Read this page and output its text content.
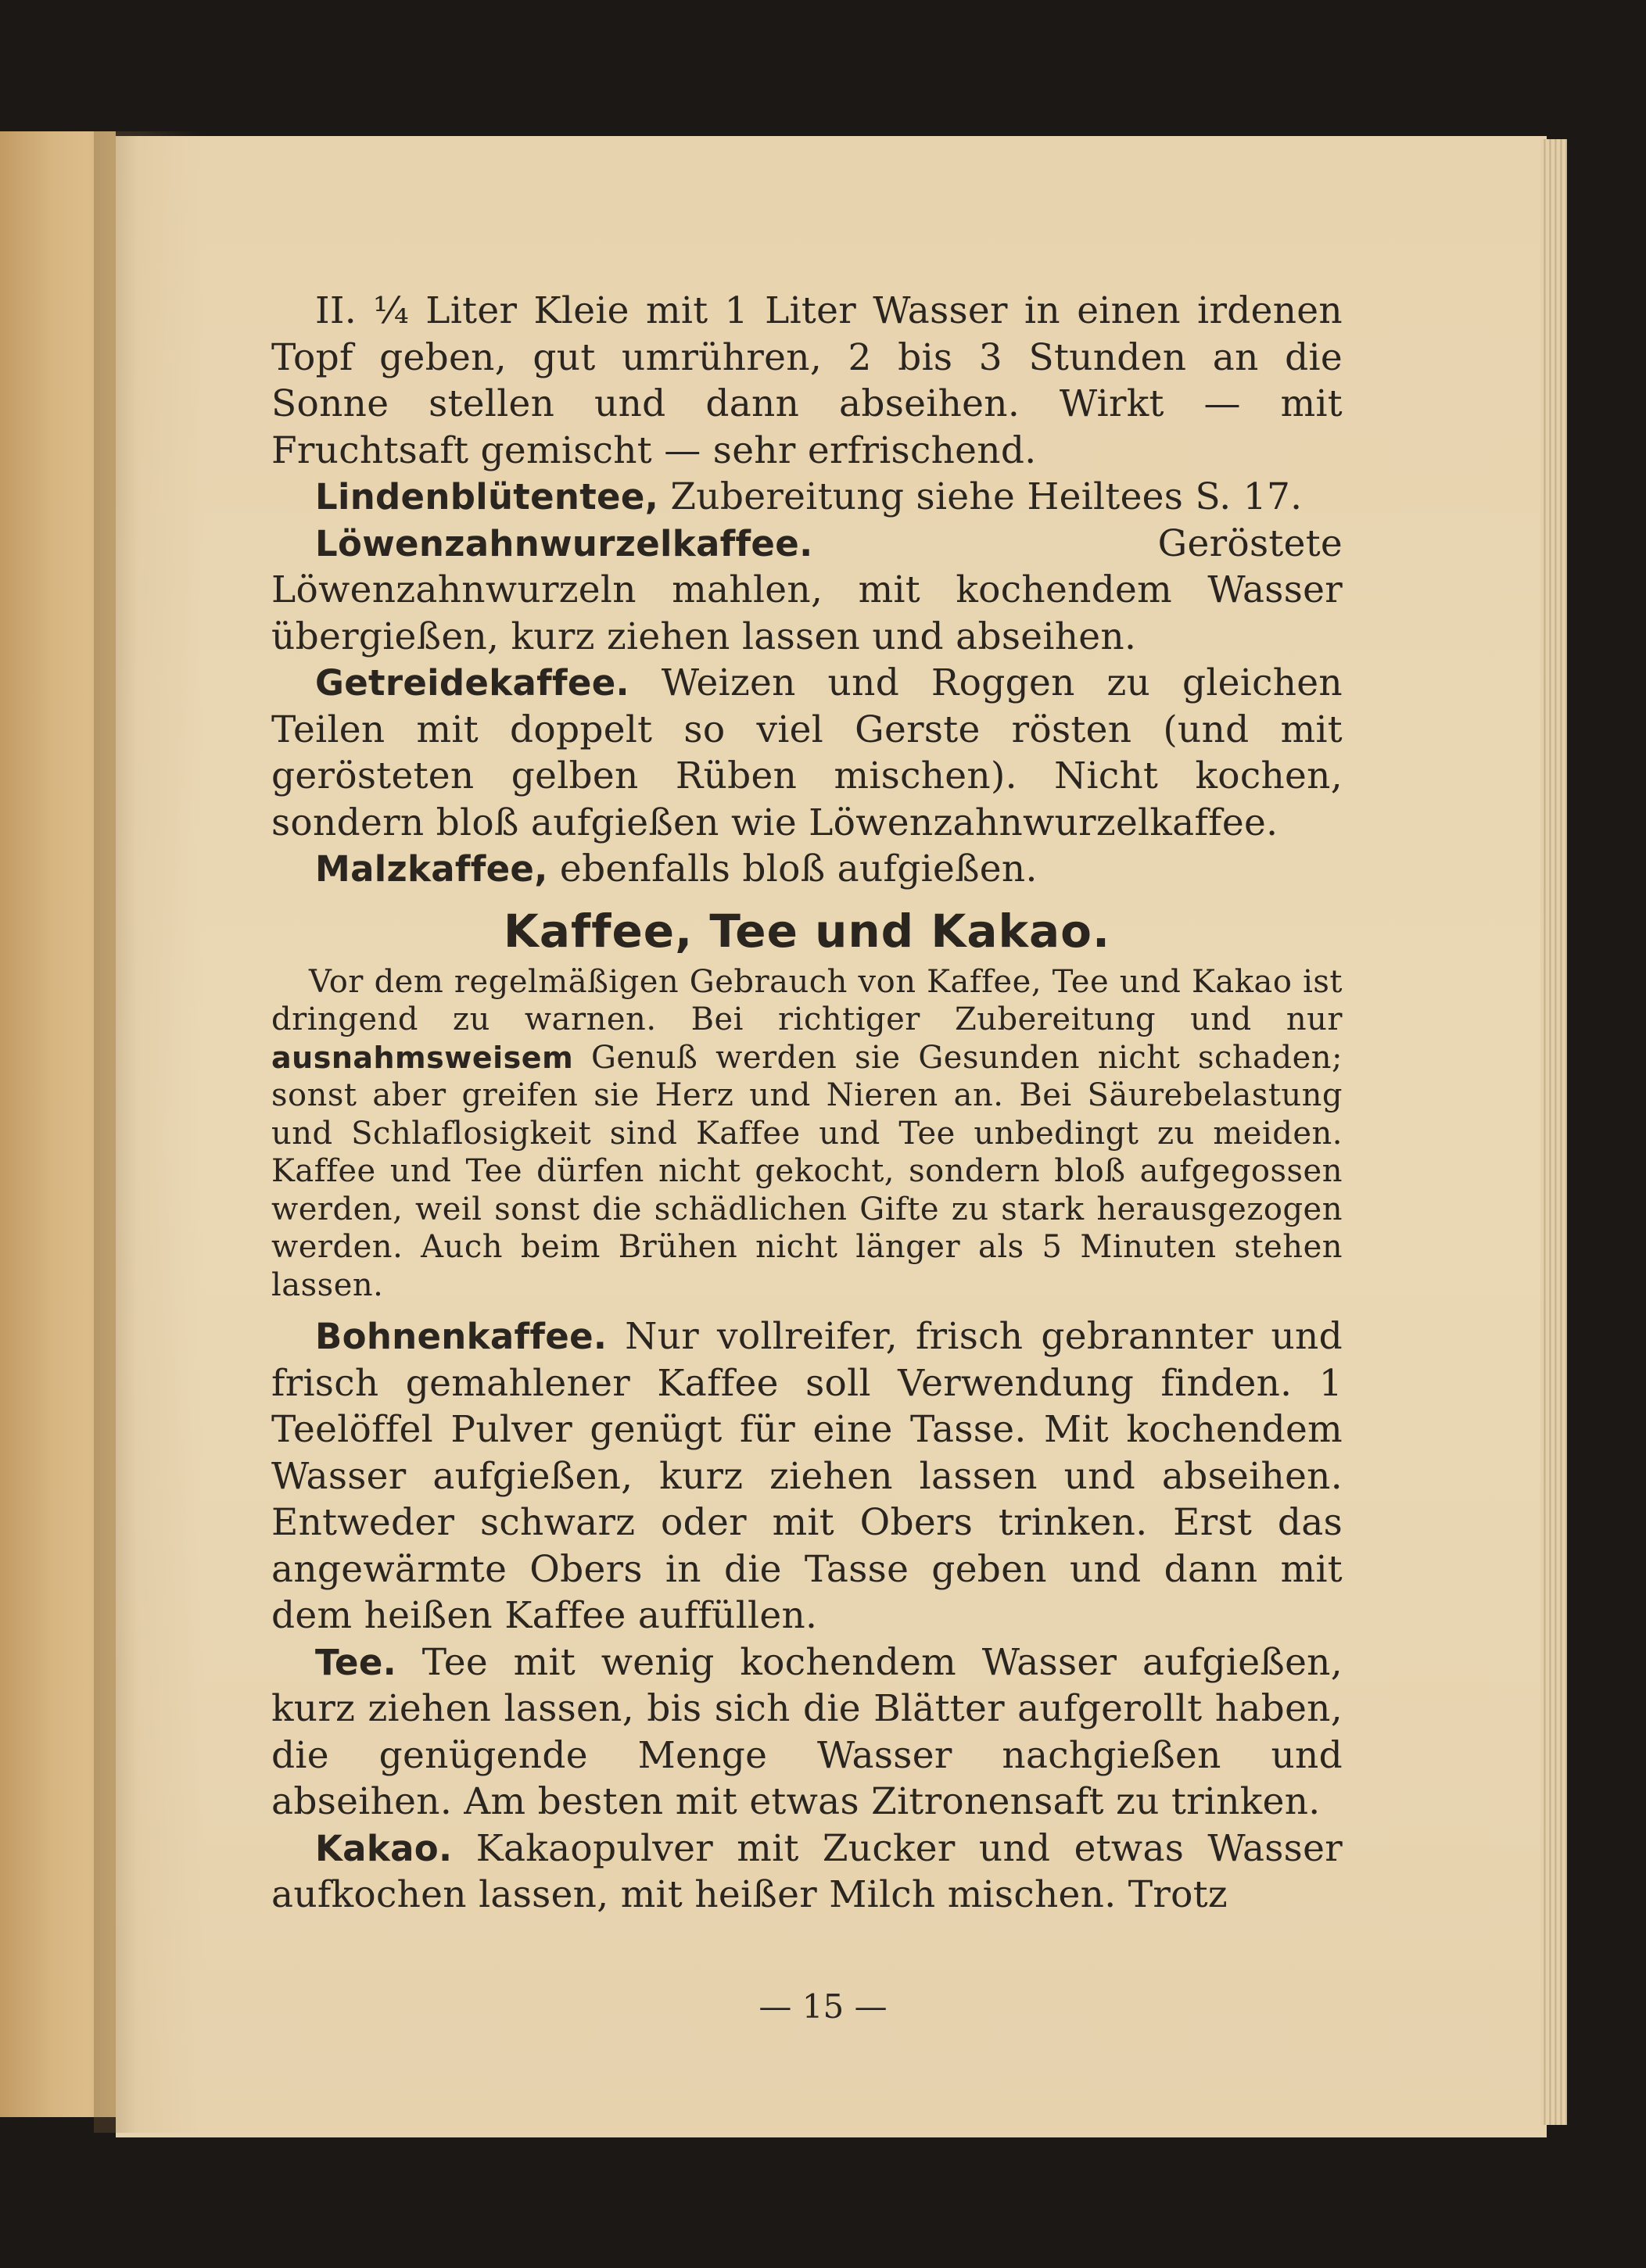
II. ¼ Liter Kleie mit 1 Liter Wasser in einen irdenen Topf geben, gut umrühren, 2 bis 3 Stunden an die Sonne stellen und dann abseihen. Wirkt — mit Fruchtsaft gemischt — sehr erfrischend.

Lindenblütentee, Zubereitung siehe Heiltees S. 17.

Löwenzahnwurzelkaffee. Geröstete Löwenzahnwurzeln mahlen, mit kochendem Wasser übergießen, kurz ziehen lassen und abseihen.

Getreidekaffee. Weizen und Roggen zu gleichen Teilen mit doppelt so viel Gerste rösten (und mit gerösteten gelben Rüben mischen). Nicht kochen, sondern bloß aufgießen wie Löwenzahnwurzelkaffee.

Malzkaffee, ebenfalls bloß aufgießen.

Kaffee, Tee und Kakao.

Vor dem regelmäßigen Gebrauch von Kaffee, Tee und Kakao ist dringend zu warnen. Bei richtiger Zubereitung und nur ausnahmsweisem Genuß werden sie Gesunden nicht schaden; sonst aber greifen sie Herz und Nieren an. Bei Säurebelastung und Schlaflosigkeit sind Kaffee und Tee unbedingt zu meiden. Kaffee und Tee dürfen nicht gekocht, sondern bloß aufgegossen werden, weil sonst die schädlichen Gifte zu stark herausgezogen werden. Auch beim Brühen nicht länger als 5 Minuten stehen lassen.

Bohnenkaffee. Nur vollreifer, frisch gebrannter und frisch gemahlener Kaffee soll Verwendung finden. 1 Teelöffel Pulver genügt für eine Tasse. Mit kochendem Wasser aufgießen, kurz ziehen lassen und abseihen. Entweder schwarz oder mit Obers trinken. Erst das angewärmte Obers in die Tasse geben und dann mit dem heißen Kaffee auffüllen.

Tee. Tee mit wenig kochendem Wasser aufgießen, kurz ziehen lassen, bis sich die Blätter aufgerollt haben, die genügende Menge Wasser nachgießen und abseihen. Am besten mit etwas Zitronensaft zu trinken.

Kakao. Kakaopulver mit Zucker und etwas Wasser aufkochen lassen, mit heißer Milch mischen. Trotz

— 15 —
